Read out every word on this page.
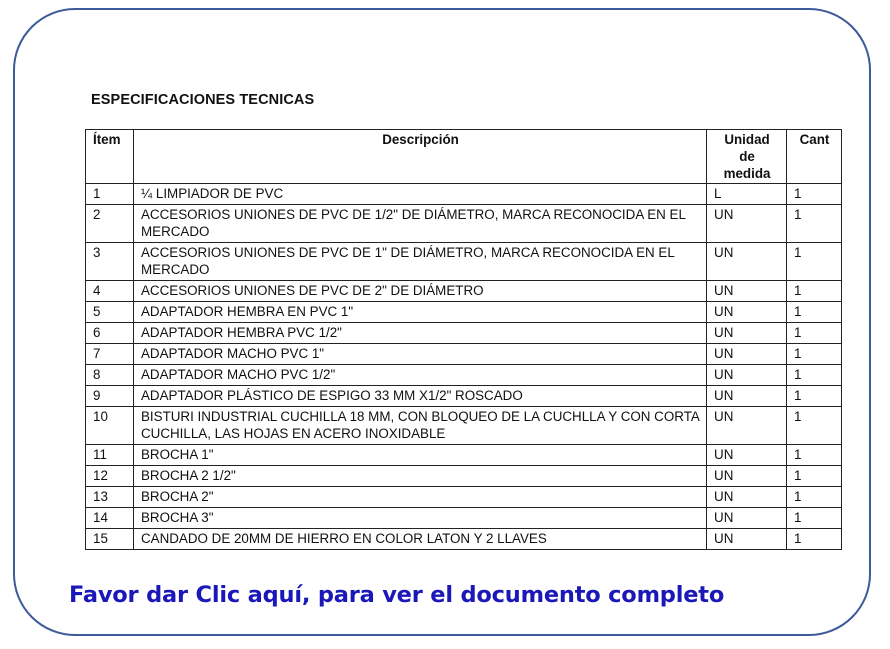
ESPECIFICACIONES TECNICAS
Ítem	Descripción	Unidad de medida	Cant
1	¼ LIMPIADOR DE PVC	L	1
2	ACCESORIOS UNIONES DE PVC DE 1/2" DE DIÁMETRO, MARCA RECONOCIDA EN EL MERCADO	UN	1
3	ACCESORIOS UNIONES DE PVC DE 1" DE DIÁMETRO, MARCA RECONOCIDA EN EL MERCADO	UN	1
4	ACCESORIOS UNIONES DE PVC DE 2" DE DIÁMETRO	UN	1
5	ADAPTADOR HEMBRA EN PVC 1"	UN	1
6	ADAPTADOR HEMBRA PVC 1/2"	UN	1
7	ADAPTADOR MACHO PVC 1"	UN	1
8	ADAPTADOR MACHO PVC 1/2"	UN	1
9	ADAPTADOR PLÁSTICO DE ESPIGO 33 MM X1/2" ROSCADO	UN	1
10	BISTURI INDUSTRIAL CUCHILLA 18 MM, CON BLOQUEO DE LA CUCHLLA Y CON CORTA CUCHILLA, LAS HOJAS EN ACERO INOXIDABLE	UN	1
11	BROCHA 1"	UN	1
12	BROCHA 2 1/2"	UN	1
13	BROCHA 2"	UN	1
14	BROCHA 3"	UN	1
15	CANDADO DE 20MM DE HIERRO EN COLOR LATON Y 2 LLAVES	UN	1
Favor dar Clic aquí, para ver el documento completo
